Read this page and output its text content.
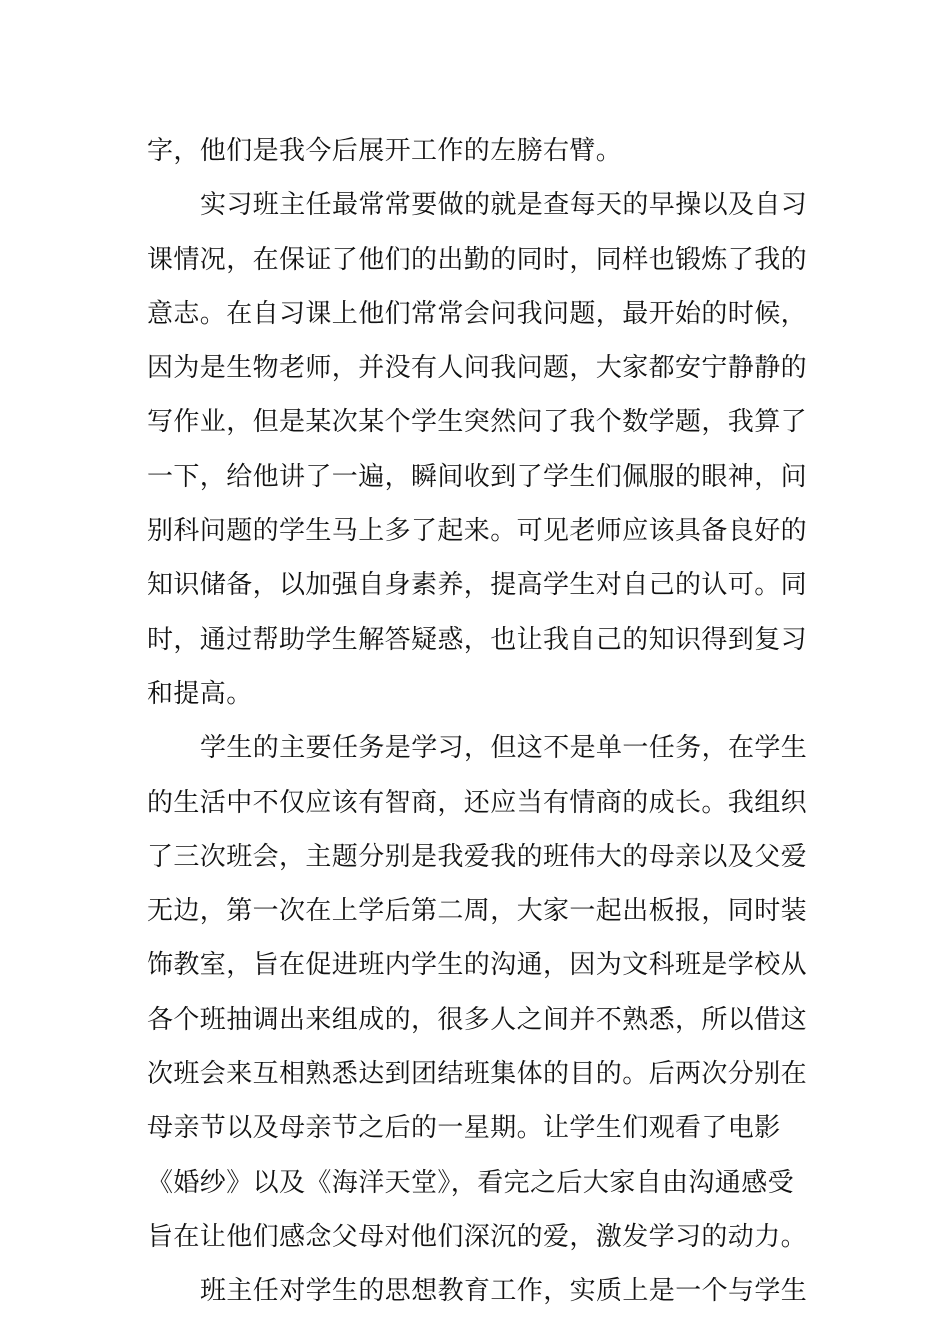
字，他们是我今后展开工作的左膀右臂。
实习班主任最常常要做的就是查每天的早操以及自习
课情况，在保证了他们的出勤的同时，同样也锻炼了我的
意志。在自习课上他们常常会问我问题，最开始的时候，
因为是生物老师，并没有人问我问题，大家都安宁静静的
写作业，但是某次某个学生突然问了我个数学题，我算了
一下，给他讲了一遍，瞬间收到了学生们佩服的眼神，问
别科问题的学生马上多了起来。可见老师应该具备良好的
知识储备，以加强自身素养，提高学生对自己的认可。同
时，通过帮助学生解答疑惑，也让我自己的知识得到复习
和提高。
学生的主要任务是学习，但这不是单一任务，在学生
的生活中不仅应该有智商，还应当有情商的成长。我组织
了三次班会，主题分别是我爱我的班伟大的母亲以及父爱
无边，第一次在上学后第二周，大家一起出板报，同时装
饰教室，旨在促进班内学生的沟通，因为文科班是学校从
各个班抽调出来组成的，很多人之间并不熟悉，所以借这
次班会来互相熟悉达到团结班集体的目的。后两次分别在
母亲节以及母亲节之后的一星期。让学生们观看了电影
《婚纱》以及《海洋天堂》，看完之后大家自由沟通感受
旨在让他们感念父母对他们深沉的爱，激发学习的动力。
班主任对学生的思想教育工作，实质上是一个与学生
